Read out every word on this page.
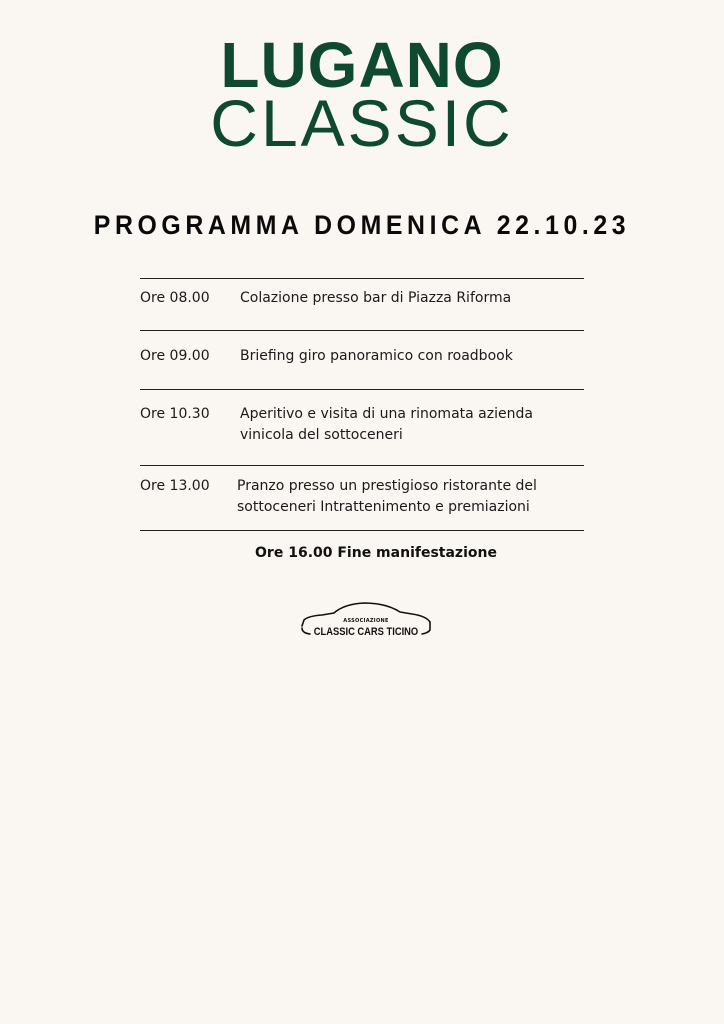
LUGANO
CLASSIC
PROGRAMMA DOMENICA 22.10.23
Ore 08.00 Colazione presso bar di Piazza Riforma
Ore 09.00 Briefing giro panoramico con roadbook
Ore 10.30 Aperitivo e visita di una rinomata azienda vinicola del sottoceneri
Ore 13.00 Pranzo presso un prestigioso ristorante del sottoceneri Intrattenimento e premiazioni
Ore 16.00 Fine manifestazione
ASSOCIAZIONE
CLASSIC CARS TICINO
